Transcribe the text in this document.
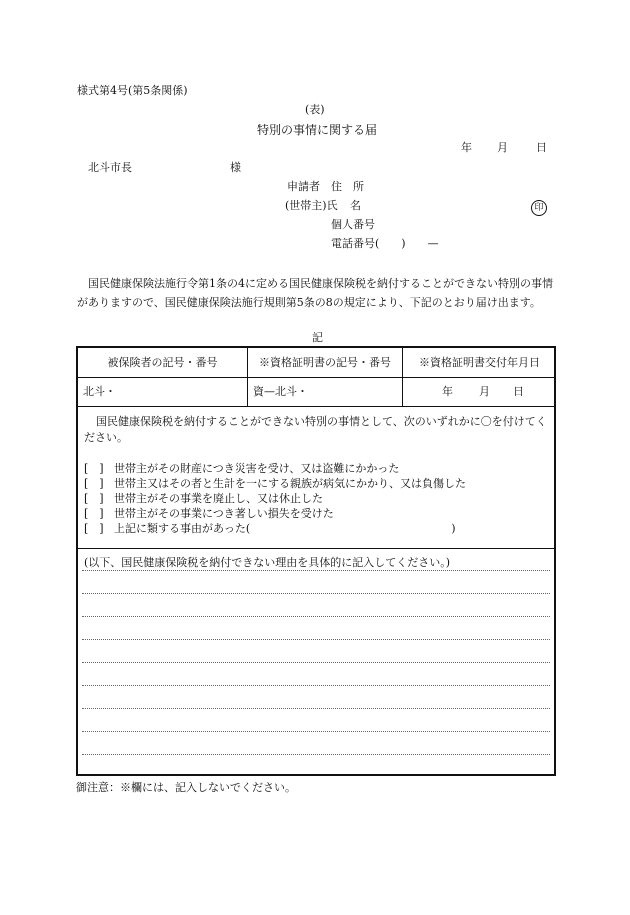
様式第4号(第5条関係)
(表)
特別の事情に関する届
年 月	日
北斗市長	様
申請者 住　所
(世帯主)氏 名	印
個人番号
電話番号(　　)　　—
国民健康保険法施行令第1条の4に定める国民健康保険税を納付することができない特別の事情がありますので、国民健康保険法施行規則第5条の8の規定により、下記のとおり届け出ます。
記
被保険者の記号・番号	※資格証明書の記号・番号	※資格証明書交付年月日
北斗・	資—北斗・	年 月 日
国民健康保険税を納付することができない特別の事情として、次のいずれかに〇を付けてください。
[　] 世帯主がその財産につき災害を受け、又は盗難にかかった
[　] 世帯主又はその者と生計を一にする親族が病気にかかり、又は負傷した
[　] 世帯主がその事業を廃止し、又は休止した
[　] 世帯主がその事業につき著しい損失を受けた
[　] 上記に類する事由があった(	)
(以下、国民健康保険税を納付できない理由を具体的に記入してください。)
御注意：※欄には、記入しないでください。
